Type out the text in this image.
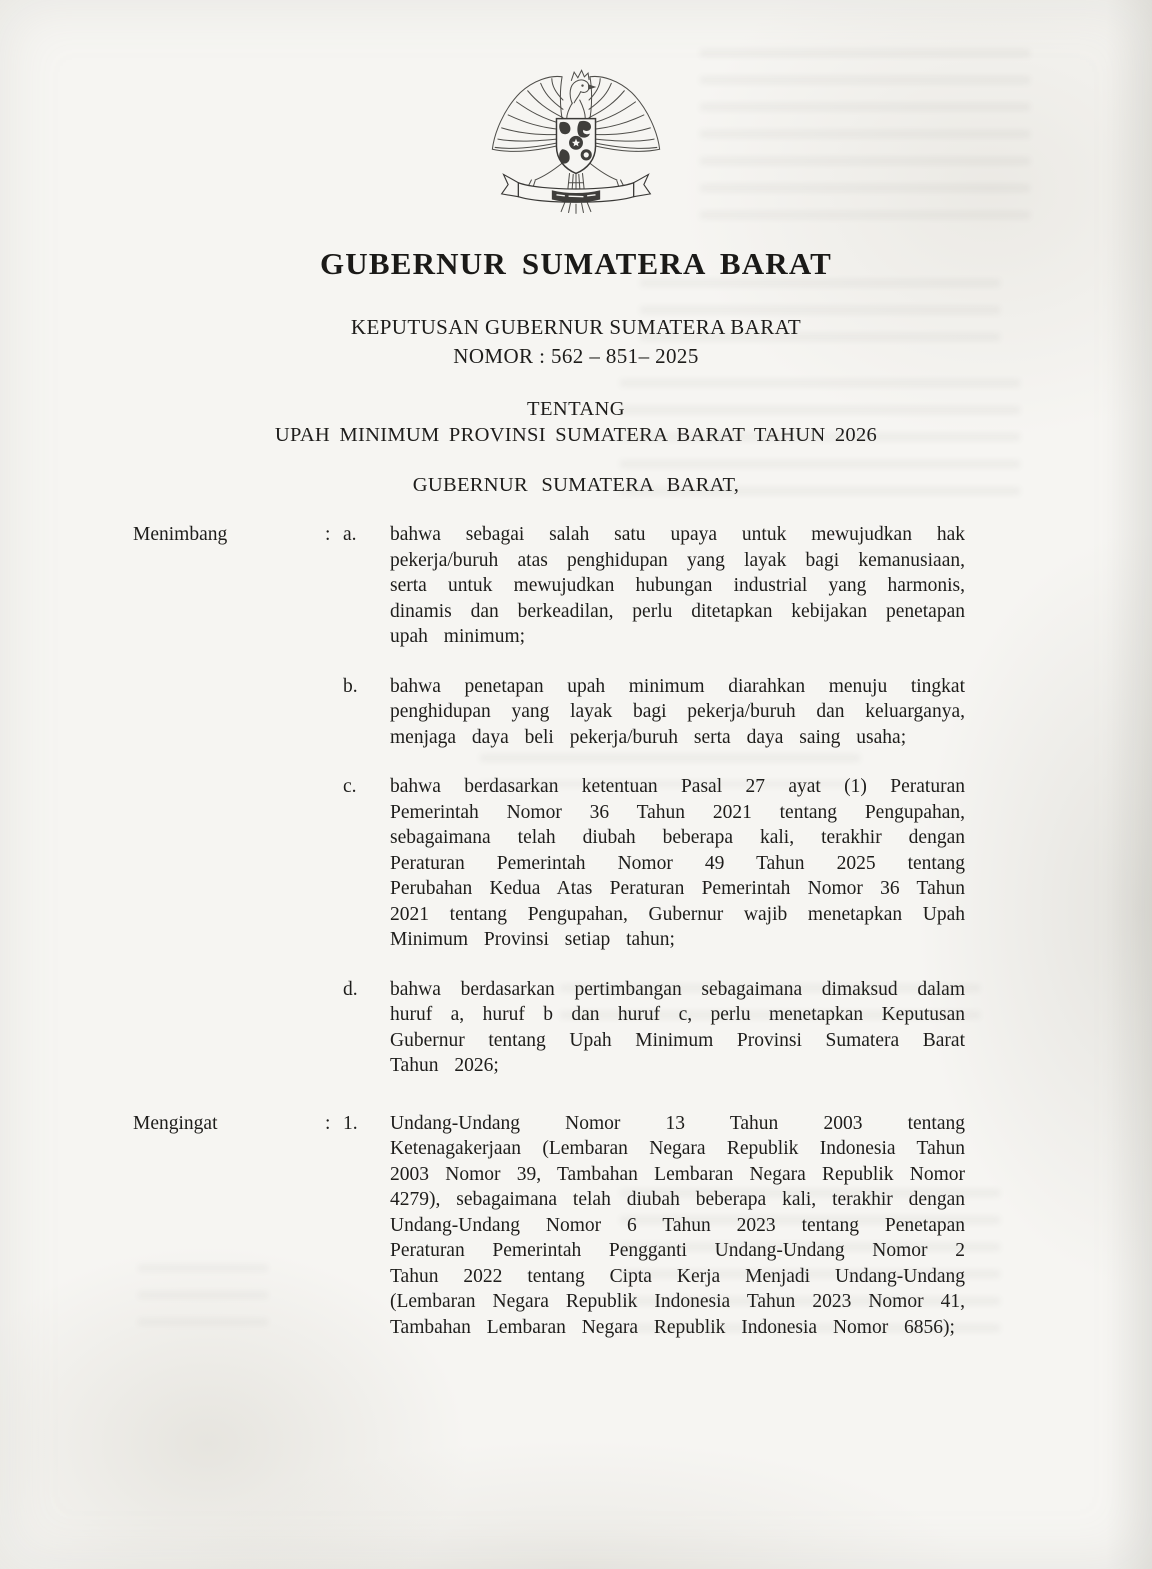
GUBERNUR SUMATERA BARAT
KEPUTUSAN GUBERNUR SUMATERA BARAT
NOMOR : 562 – 851– 2025
TENTANG
UPAH MINIMUM PROVINSI SUMATERA BARAT TAHUN 2026
GUBERNUR SUMATERA BARAT,
Menimbang	: a.	bahwa sebagai salah satu upaya untuk mewujudkan hak pekerja/buruh atas penghidupan yang layak bagi kemanusiaan, serta untuk mewujudkan hubungan industrial yang harmonis, dinamis dan berkeadilan, perlu ditetapkan kebijakan penetapan upah minimum;
b.	bahwa penetapan upah minimum diarahkan menuju tingkat penghidupan yang layak bagi pekerja/buruh dan keluarganya, menjaga daya beli pekerja/buruh serta daya saing usaha;
c.	bahwa berdasarkan ketentuan Pasal 27 ayat (1) Peraturan Pemerintah Nomor 36 Tahun 2021 tentang Pengupahan, sebagaimana telah diubah beberapa kali, terakhir dengan Peraturan Pemerintah Nomor 49 Tahun 2025 tentang Perubahan Kedua Atas Peraturan Pemerintah Nomor 36 Tahun 2021 tentang Pengupahan, Gubernur wajib menetapkan Upah Minimum Provinsi setiap tahun;
d.	bahwa berdasarkan pertimbangan sebagaimana dimaksud dalam huruf a, huruf b dan huruf c, perlu menetapkan Keputusan Gubernur tentang Upah Minimum Provinsi Sumatera Barat Tahun 2026;
Mengingat	: 1.	Undang-Undang Nomor 13 Tahun 2003 tentang Ketenagakerjaan (Lembaran Negara Republik Indonesia Tahun 2003 Nomor 39, Tambahan Lembaran Negara Republik Nomor 4279), sebagaimana telah diubah beberapa kali, terakhir dengan Undang-Undang Nomor 6 Tahun 2023 tentang Penetapan Peraturan Pemerintah Pengganti Undang-Undang Nomor 2 Tahun 2022 tentang Cipta Kerja Menjadi Undang-Undang (Lembaran Negara Republik Indonesia Tahun 2023 Nomor 41, Tambahan Lembaran Negara Republik Indonesia Nomor 6856);
